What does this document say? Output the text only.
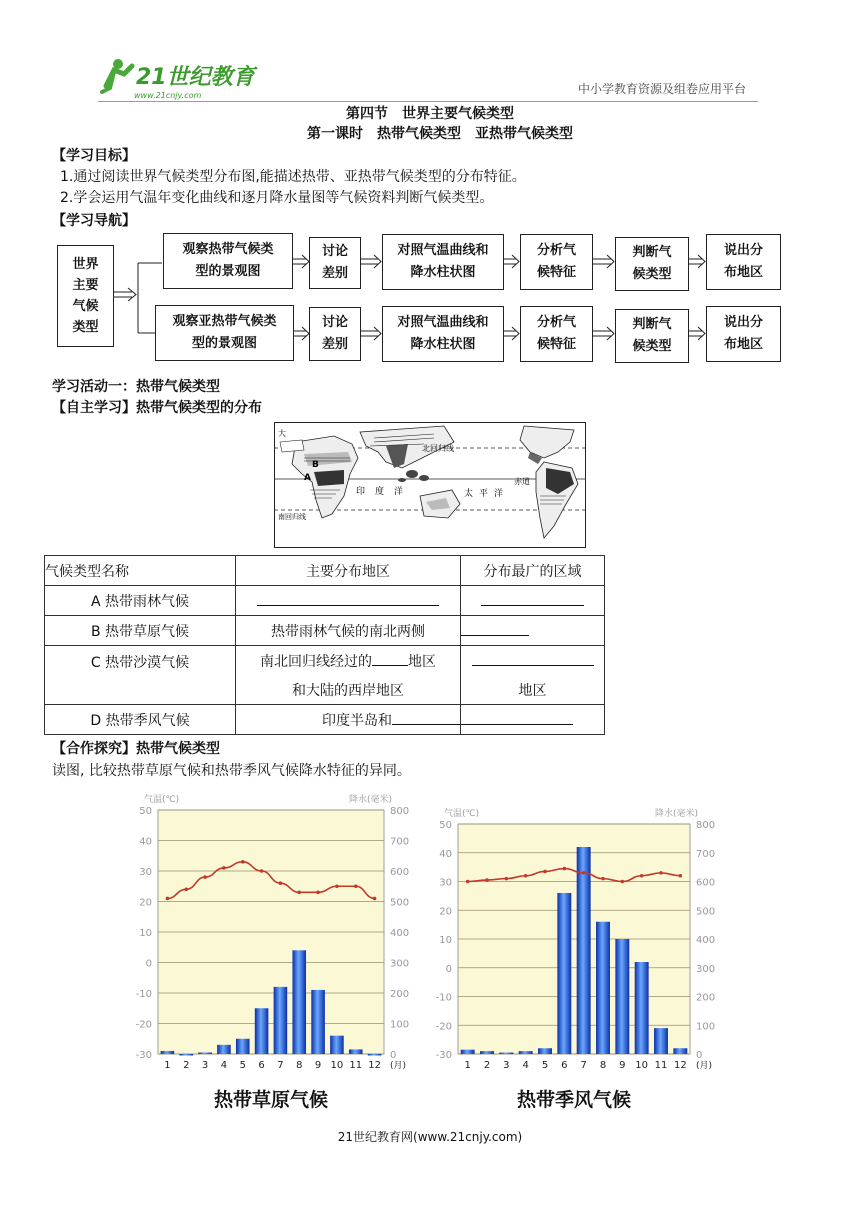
21世纪教育
www.21cnjy.com	中小学教育资源及组卷应用平台
第四节　世界主要气候类型
第一课时　热带气候类型　亚热带气候类型
【学习目标】
1.通过阅读世界气候类型分布图,能描述热带、亚热带气候类型的分布特征。
2.学会运用气温年变化曲线和逐月降水量图等气候资料判断气候类型。
【学习导航】
世界主要气候类型
观察热带气候类型的景观图
讨论差别
对照气温曲线和降水柱状图
分析气候特征
判断气候类型
说出分布地区
观察亚热带气候类型的景观图
讨论差别
对照气温曲线和降水柱状图
分析气候特征
判断气候类型
说出分布地区
学习活动一：热带气候类型
【自主学习】热带气候类型的分布
北回归线
赤道
南回归线
印度洋	太平洋
大
A
B
气候类型名称	主要分布地区	分布最广的区域
A 热带雨林气候		
B 热带草原气候	热带雨林气候的南北两侧	
C 热带沙漠气候	南北回归线经过的 地区	
	和大陆的西岸地区	地区
D 热带季风气候	印度半岛和	
【合作探究】热带气候类型
读图, 比较热带草原气候和热带季风气候降水特征的异同。
50	800
40	700
30	600
20	500
10	400
0	300
-10	200
-20	100
-30	0
气温(℃)	降水(毫米)
1 2 3 4 5 6 7 8 9 10 11 12 (月)
热带草原气候
50	800
40	700
30	600
20	500
10	400
0	300
-10	200
-20	100
-30	0
气温(℃)	降水(毫米)
1 2 3 4 5 6 7 8 9 10 11 12 (月)
热带季风气候
21世纪教育网(www.21cnjy.com)
